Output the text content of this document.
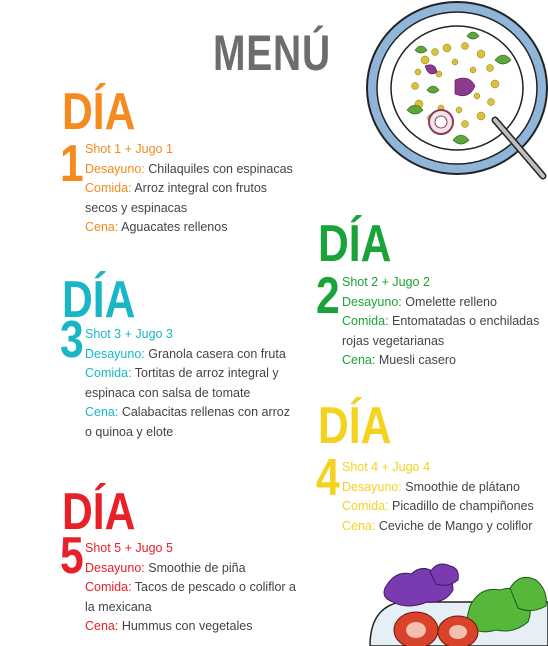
MENÚ
DÍA
1 Shot 1 + Jugo 1
Desayuno: Chilaquiles con espinacas
Comida: Arroz integral con frutos
secos y espinacas
Cena: Aguacates rellenos	DÍA
2 Shot 2 + Jugo 2
Desayuno: Omelette relleno
Comida: Entomatadas o enchiladas
rojas vegetarianas
Cena: Muesli casero
DÍA
3 Shot 3 + Jugo 3
Desayuno: Granola casera con fruta
Comida: Tortitas de arroz integral y
espinaca con salsa de tomate
Cena: Calabacitas rellenas con arroz
o quinoa y elote	DÍA
4 Shot 4 + Jugo 4
Desayuno: Smoothie de plátano
Comida: Picadillo de champiñones
Cena: Ceviche de Mango y coliflor
DÍA
5 Shot 5 + Jugo 5
Desayuno: Smoothie de piña
Comida: Tacos de pescado o coliflor a
la mexicana
Cena: Hummus con vegetales
